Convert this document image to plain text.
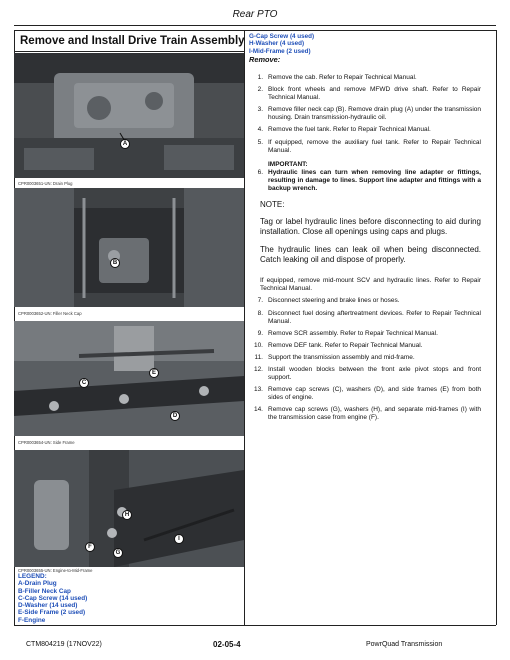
Rear PTO
Remove and Install Drive Train Assembly G-Cap Screw (4 used)
H-Washer (4 used)
I-Mid-Frame (2 used)
Remove:
A
CPR0003651-UN: Drain Plug
B
CPR0003652-UN: Filler Neck Cap
E
C
D
CPR0003654-UN: Side Frame
H
I
F
G
CPR0003655-UN: Engine-to-Mid-Frame
LEGEND:
A-Drain Plug
B-Filler Neck Cap
C-Cap Screw (14 used)
D-Washer (14 used)
E-Side Frame (2 used)
F-Engine
1. Remove the cab. Refer to Repair Technical Manual.
2. Block front wheels and remove MFWD drive shaft. Refer to Repair Technical Manual.
3. Remove filler neck cap (B). Remove drain plug (A) under the transmission housing. Drain transmission-hydraulic oil.
4. Remove the fuel tank. Refer to Repair Technical Manual.
5. If equipped, remove the auxiliary fuel tank. Refer to Repair Technical Manual.
IMPORTANT:
6. Hydraulic lines can turn when removing line adapter or fittings, resulting in damage to lines. Support line adapter and fittings with a backup wrench.
NOTE:
Tag or label hydraulic lines before disconnecting to aid during installation. Close all openings using caps and plugs.
The hydraulic lines can leak oil when being disconnected. Catch leaking oil and dispose of properly.
If equipped, remove mid-mount SCV and hydraulic lines. Refer to Repair Technical Manual.
7. Disconnect steering and brake lines or hoses.
8. Disconnect fuel dosing aftertreatment devices. Refer to Repair Technical Manual.
9. Remove SCR assembly. Refer to Repair Technical Manual.
10. Remove DEF tank. Refer to Repair Technical Manual.
11. Support the transmission assembly and mid-frame.
12. Install wooden blocks between the front axle pivot stops and front support.
13. Remove cap screws (C), washers (D), and side frames (E) from both sides of engine.
14. Remove cap screws (G), washers (H), and separate mid-frames (I) with the transmission case from engine (F).
CTM804219 (17NOV22)	02-05-4	PowrQuad Transmission
